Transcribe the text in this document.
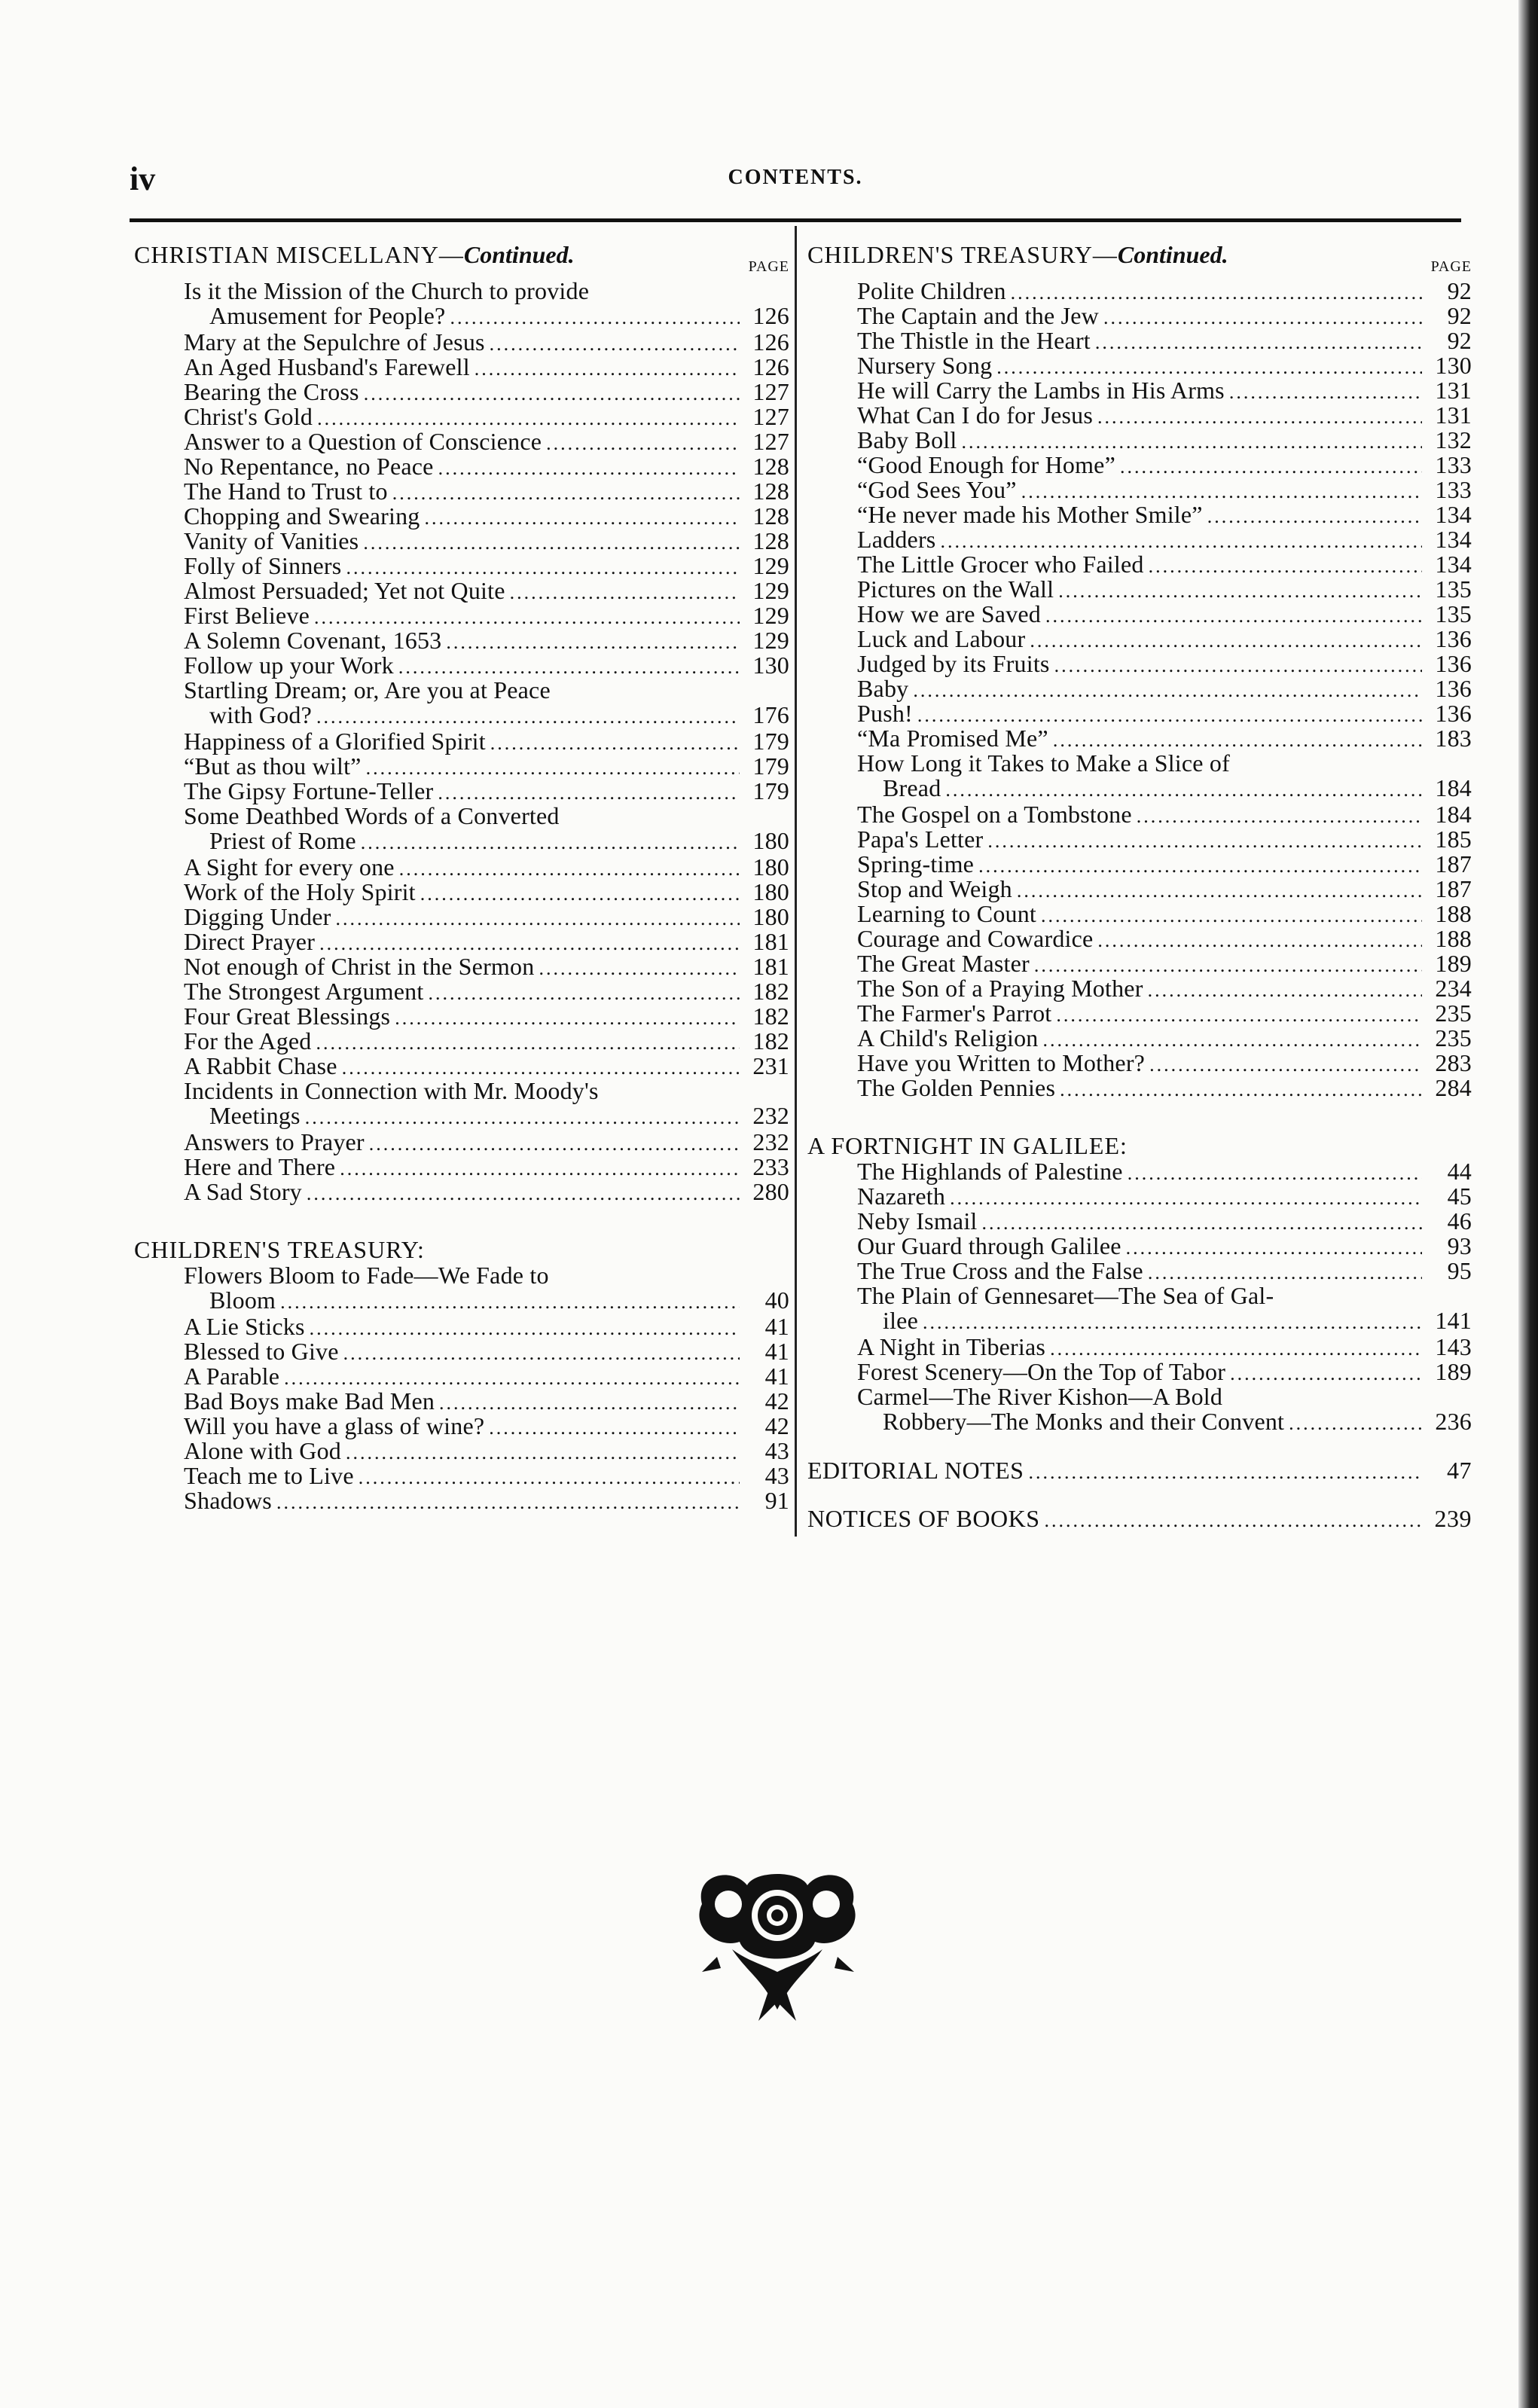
iv	CONTENTS.
CHRISTIAN MISCELLANY—Continued.	PAGE
Is it the Mission of the Church to provide
Amusement for People? .....	126
Mary at the Sepulchre of Jesus .....	126
An Aged Husband's Farewell .....	126
Bearing the Cross .....	127
Christ's Gold .....	127
Answer to a Question of Conscience .....	127
No Repentance, no Peace .....	128
The Hand to Trust to .....	128
Chopping and Swearing .....	128
Vanity of Vanities .....	128
Folly of Sinners .....	129
Almost Persuaded; Yet not Quite .....	129
First Believe .....	129
A Solemn Covenant, 1653 .....	129
Follow up your Work .....	130
Startling Dream; or, Are you at Peace
with God? .....	176
Happiness of a Glorified Spirit .....	179
“But as thou wilt” .....	179
The Gipsy Fortune-Teller .....	179
Some Deathbed Words of a Converted
Priest of Rome .....	180
A Sight for every one .....	180
Work of the Holy Spirit .....	180
Digging Under .....	180
Direct Prayer .....	181
Not enough of Christ in the Sermon .....	181
The Strongest Argument .....	182
Four Great Blessings .....	182
For the Aged .....	182
A Rabbit Chase .....	231
Incidents in Connection with Mr. Moody's
Meetings .....	232
Answers to Prayer .....	232
Here and There .....	233
A Sad Story .....	280
CHILDREN'S TREASURY:
Flowers Bloom to Fade—We Fade to
Bloom .....	40
A Lie Sticks .....	41
Blessed to Give .....	41
A Parable .....	41
Bad Boys make Bad Men .....	42
Will you have a glass of wine? .....	42
Alone with God .....	43
Teach me to Live .....	43
Shadows .....	91
CHILDREN'S TREASURY—Continued.	PAGE
Polite Children .....	92
The Captain and the Jew .....	92
The Thistle in the Heart .....	92
Nursery Song .....	130
He will Carry the Lambs in His Arms .....	131
What Can I do for Jesus .....	131
Baby Boll .....	132
“Good Enough for Home” .....	133
“God Sees You” .....	133
“He never made his Mother Smile” .....	134
Ladders .....	134
The Little Grocer who Failed .....	134
Pictures on the Wall .....	135
How we are Saved .....	135
Luck and Labour .....	136
Judged by its Fruits .....	136
Baby .....	136
Push! .....	136
“Ma Promised Me” .....	183
How Long it Takes to Make a Slice of
Bread .....	184
The Gospel on a Tombstone .....	184
Papa's Letter .....	185
Spring-time .....	187
Stop and Weigh .....	187
Learning to Count .....	188
Courage and Cowardice .....	188
The Great Master .....	189
The Son of a Praying Mother .....	234
The Farmer's Parrot .....	235
A Child's Religion .....	235
Have you Written to Mother? .....	283
The Golden Pennies .....	284
A FORTNIGHT IN GALILEE:
The Highlands of Palestine .....	44
Nazareth .....	45
Neby Ismail .....	46
Our Guard through Galilee .....	93
The True Cross and the False .....	95
The Plain of Gennesaret—The Sea of Gal-
ilee .....	141
A Night in Tiberias .....	143
Forest Scenery—On the Top of Tabor .....	189
Carmel—The River Kishon—A Bold
Robbery—The Monks and their Convent .....	236
EDITORIAL NOTES .....	47
NOTICES OF BOOKS .....	239
